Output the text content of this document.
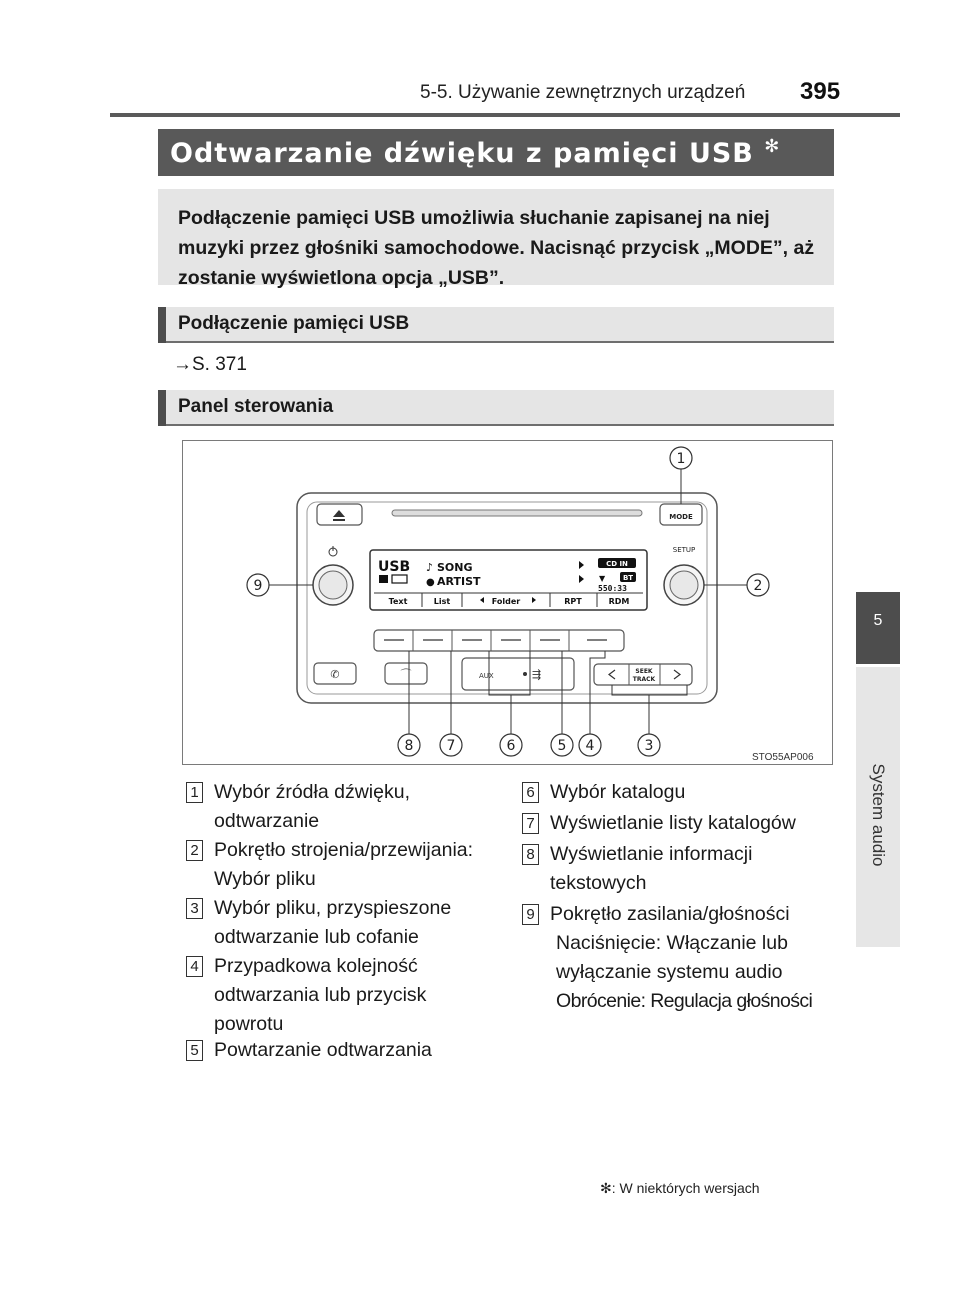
5-5. Używanie zewnętrznych urządzeń 395
5
System audio
Odtwarzanie dźwięku z pamięci USB ✻
Podłączenie pamięci USB umożliwia słuchanie zapisanej na niej muzyki przez głośniki samochodowe. Nacisnąć przycisk „MODE”, aż zostanie wyświetlona opcja „USB”.
Podłączenie pamięci USB
→S. 371
Panel sterowania
MODE
SETUP
USB ♪ SONG
● ARTIST
CD IN
▼	BT
550:33
Text	List	Folder	RPT	RDM
✆	⌒	AUX	⇶	SEEK
TRACK
1
2
3
4
5
6
7
8
9
STO55AP006
1 Wybór źródła dźwięku,
odtwarzanie
2 Pokrętło strojenia/przewijania:
Wybór pliku
3 Wybór pliku, przyspieszone
odtwarzanie lub cofanie
4 Przypadkowa kolejność
odtwarzania lub przycisk
powrotu
5 Powtarzanie odtwarzania
6 Wybór katalogu
7 Wyświetlanie listy katalogów
8 Wyświetlanie informacji
tekstowych
9 Pokrętło zasilania/głośności
Naciśnięcie: Włączanie lub
wyłączanie systemu audio
Obrócenie: Regulacja głośności
✻: W niektórych wersjach
